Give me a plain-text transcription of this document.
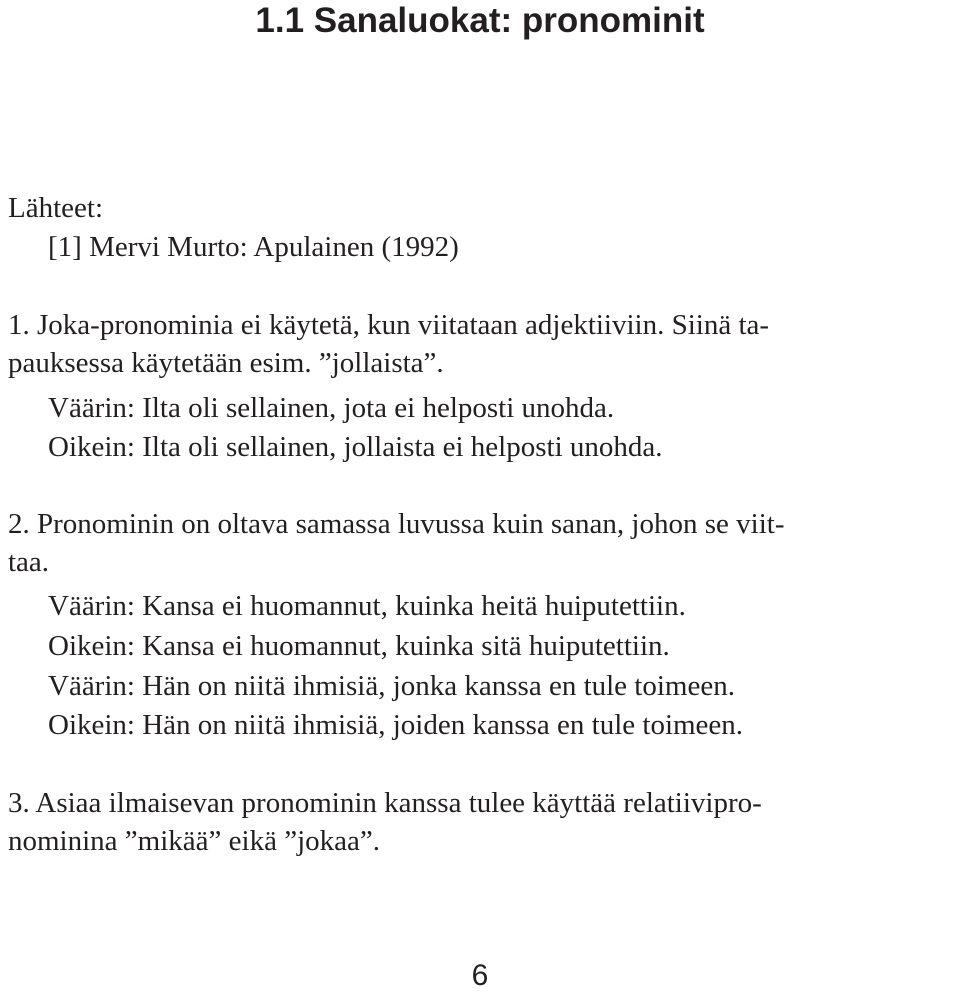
1.1 Sanaluokat: pronominit
Lähteet:
[1] Mervi Murto: Apulainen (1992)
1. Joka-pronominia ei käytetä, kun viitataan adjektiiviin. Siinä ta-
pauksessa käytetään esim. ”jollaista”.
Väärin: Ilta oli sellainen, jota ei helposti unohda.
Oikein: Ilta oli sellainen, jollaista ei helposti unohda.
2. Pronominin on oltava samassa luvussa kuin sanan, johon se viit-
taa.
Väärin: Kansa ei huomannut, kuinka heitä huiputettiin.
Oikein: Kansa ei huomannut, kuinka sitä huiputettiin.
Väärin: Hän on niitä ihmisiä, jonka kanssa en tule toimeen.
Oikein: Hän on niitä ihmisiä, joiden kanssa en tule toimeen.
3. Asiaa ilmaisevan pronominin kanssa tulee käyttää relatiivipro-
nominina ”mikää” eikä ”jokaa”.
6
